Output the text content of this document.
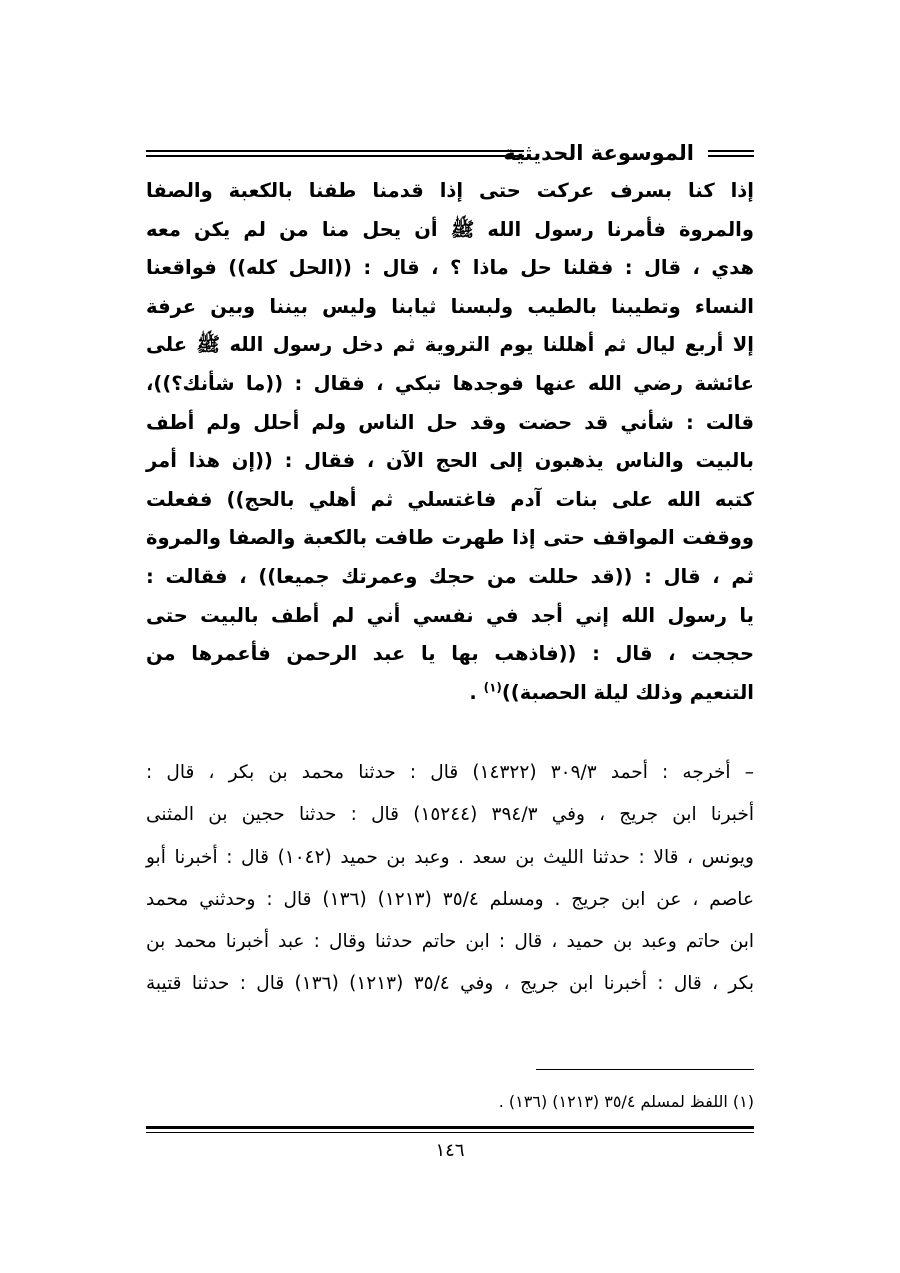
الموسوعة الحديثية
إذا كنا بسرف عركت حتى إذا قدمنا طفنا بالكعبة والصفا
والمروة فأمرنا رسول الله ﷺ أن يحل منا من لم يكن معه
هدي ، قال : فقلنا حل ماذا ؟ ، قال : ((الحل كله)) فواقعنا
النساء وتطيبنا بالطيب ولبسنا ثيابنا وليس بيننا وبين عرفة
إلا أربع ليال ثم أهللنا يوم التروية ثم دخل رسول الله ﷺ على
عائشة رضي الله عنها فوجدها تبكي ، فقال : ((ما شأنك؟))،
قالت : شأني قد حضت وقد حل الناس ولم أحلل ولم أطف
بالبيت والناس يذهبون إلى الحج الآن ، فقال : ((إن هذا أمر
كتبه الله على بنات آدم فاغتسلي ثم أهلي بالحج)) ففعلت
ووقفت المواقف حتى إذا طهرت طافت بالكعبة والصفا والمروة
ثم ، قال : ((قد حللت من حجك وعمرتك جميعا)) ، فقالت :
يا رسول الله إني أجد في نفسي أني لم أطف بالبيت حتى
حججت ، قال : ((فاذهب بها يا عبد الرحمن فأعمرها من
التنعيم وذلك ليلة الحصبة))$^{(١)}$ .
– أخرجه : أحمد ٣٠٩/٣ (١٤٣٢٢) قال : حدثنا محمد بن بكر ، قال :
أخبرنا ابن جريج ، وفي ٣٩٤/٣ (١٥٢٤٤) قال : حدثنا حجين بن المثنى
ويونس ، قالا : حدثنا الليث بن سعد . وعبد بن حميد (١٠٤٢) قال : أخبرنا أبو
عاصم ، عن ابن جريج . ومسلم ٣٥/٤ (١٢١٣) (١٣٦) قال : وحدثني محمد
ابن حاتم وعبد بن حميد ، قال : ابن حاتم حدثنا وقال : عبد أخبرنا محمد بن
بكر ، قال : أخبرنا ابن جريج ، وفي ٣٥/٤ (١٢١٣) (١٣٦) قال : حدثنا قتيبة
(١) اللفظ لمسلم ٣٥/٤ (١٢١٣) (١٣٦) .
١٤٦
